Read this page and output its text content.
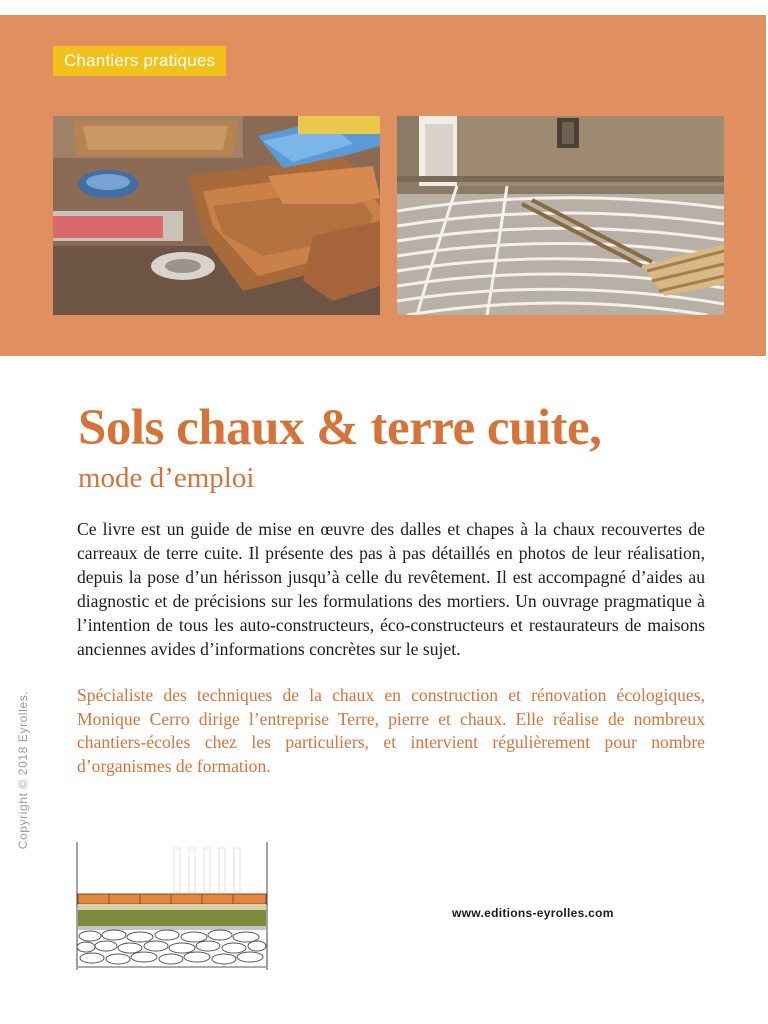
Chantiers pratiques
Sols chaux & terre cuite,
mode d’emploi

Ce livre est un guide de mise en œuvre des dalles et chapes à la chaux recouvertes de carreaux de terre cuite. Il présente des pas à pas détaillés en photos de leur réalisation, depuis la pose d’un hérisson jusqu’à celle du revêtement. Il est accompagné d’aides au diagnostic et de précisions sur les formulations des mortiers. Un ouvrage pragmatique à l’intention de tous les auto-constructeurs, éco-constructeurs et restaurateurs de maisons anciennes avides d’informations concrètes sur le sujet.

Spécialiste des techniques de la chaux en construction et rénovation écologiques, Monique Cerro dirige l’entreprise Terre, pierre et chaux. Elle réalise de nombreux chantiers-écoles chez les particuliers, et intervient régulièrement pour nombre d’organismes de formation.

Copyright © 2018 Eyrolles.
www.editions-eyrolles.com
